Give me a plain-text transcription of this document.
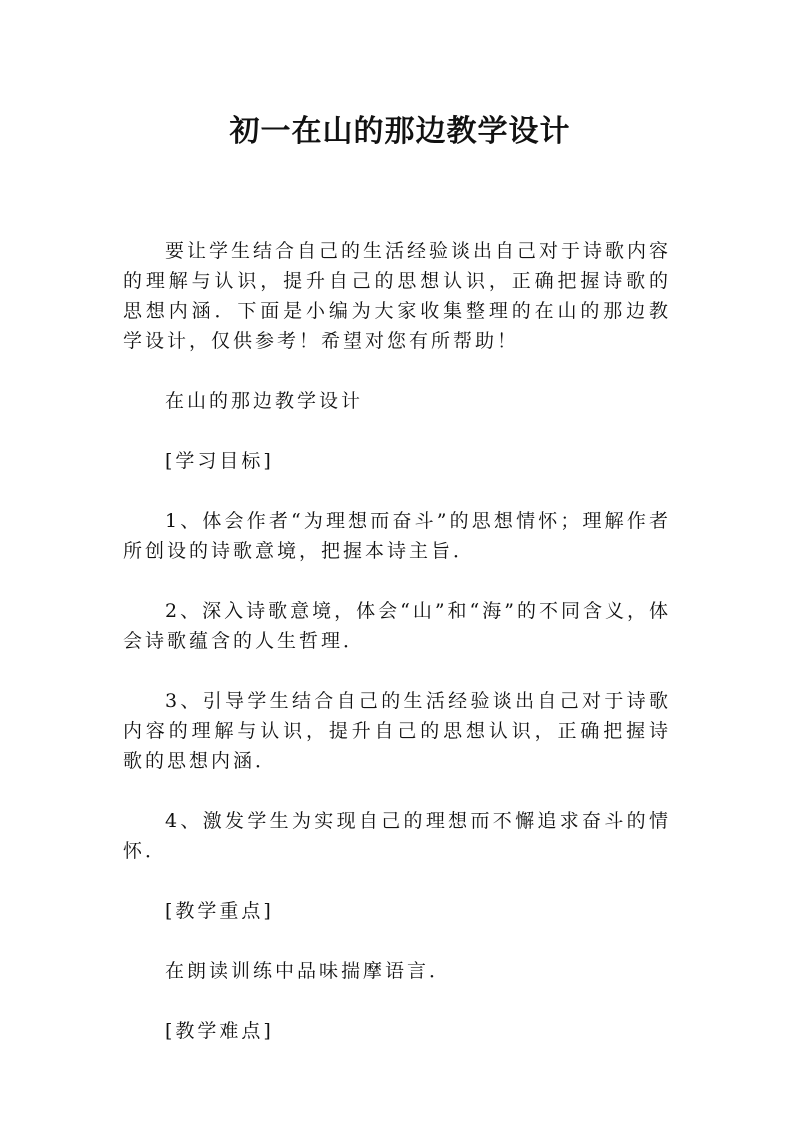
初一在山的那边教学设计

要让学生结合自己的生活经验谈出自己对于诗歌内容的理解与认识，提升自己的思想认识，正确把握诗歌的思想内涵．下面是小编为大家收集整理的在山的那边教学设计，仅供参考！希望对您有所帮助！

在山的那边教学设计

[学习目标]

1、体会作者“为理想而奋斗”的思想情怀；理解作者所创设的诗歌意境，把握本诗主旨．

2、深入诗歌意境，体会“山”和“海”的不同含义，体会诗歌蕴含的人生哲理．

3、引导学生结合自己的生活经验谈出自己对于诗歌内容的理解与认识，提升自己的思想认识，正确把握诗歌的思想内涵．

4、激发学生为实现自己的理想而不懈追求奋斗的情怀．

[教学重点]

在朗读训练中品味揣摩语言．

[教学难点]
